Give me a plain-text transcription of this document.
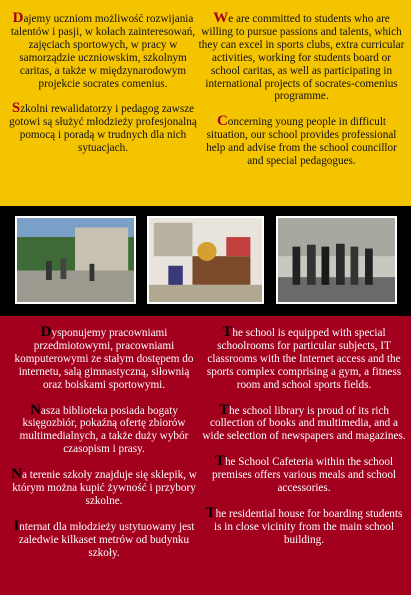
Dajemy uczniom możliwość rozwijania talentów i pasji, w kołach zainteresowań, zajęciach sportowych, w pracy w samorządzie uczniowskim, szkolnym caritas, a także w międzynarodowym projekcie socrates comenius.

Szkolni rewalidatorzy i pedagog zawsze gotowi są służyć młodzieży profesjonalną pomocą i poradą w trudnych dla nich sytuacjach.

We are committed to students who are willing to pursue passions and talents, which they can excel in sports clubs, extra curricular activities, working for students board or school caritas, as well as participating in international projects of socrates-comenius programme.

Concerning young people in difficult situation, our school provides professional help and advise from the school councillor and special pedagogues.

Dysponujemy pracowniami przedmiotowymi, pracowniami komputerowymi ze stałym dostępem do internetu, salą gimnastyczną, siłownią oraz boiskami sportowymi.

Nasza biblioteka posiada bogaty księgozbiór, pokaźną ofertę zbiorów multimedialnych, a także duży wybór czasopism i prasy.

Na terenie szkoły znajduje się sklepik, w którym można kupić żywność i przybory szkolne.

Internat dla młodzieży ustytuowany jest zaledwie kilkaset metrów od budynku szkoły.

The school is equipped with special schoolrooms for particular subjects, IT classrooms with the Internet access and the sports complex comprising a gym, a fitness room and school sports fields.

The school library is proud of its rich collection of books and multimedia, and a wide selection of newspapers and magazines.

The School Cafeteria within the school premises offers various meals and school accessories.

The residential house for boarding students is in close vicinity from the main school building.
